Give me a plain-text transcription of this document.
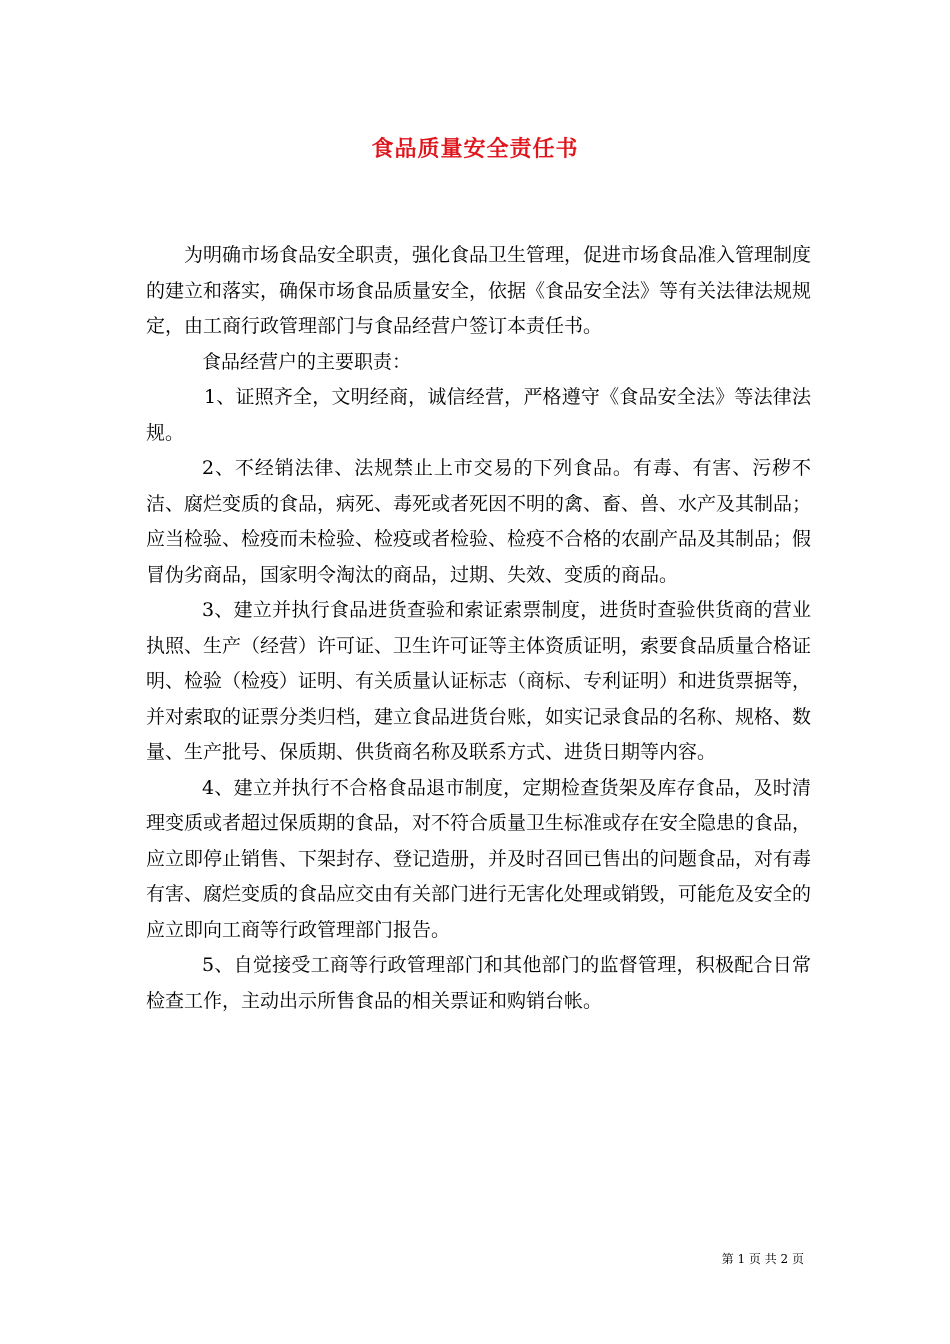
食品质量安全责任书

为明确市场食品安全职责，强化食品卫生管理，促进市场食品准入管理制度的建立和落实，确保市场食品质量安全，依据《食品安全法》等有关法律法规规定，由工商行政管理部门与食品经营户签订本责任书。

食品经营户的主要职责：

1、证照齐全，文明经商，诚信经营，严格遵守《食品安全法》等法律法规。

2、不经销法律、法规禁止上市交易的下列食品。有毒、有害、污秽不洁、腐烂变质的食品，病死、毒死或者死因不明的禽、畜、兽、水产及其制品；应当检验、检疫而未检验、检疫或者检验、检疫不合格的农副产品及其制品；假冒伪劣商品，国家明令淘汰的商品，过期、失效、变质的商品。

3、建立并执行食品进货查验和索证索票制度，进货时查验供货商的营业执照、生产（经营）许可证、卫生许可证等主体资质证明，索要食品质量合格证明、检验（检疫）证明、有关质量认证标志（商标、专利证明）和进货票据等，并对索取的证票分类归档，建立食品进货台账，如实记录食品的名称、规格、数量、生产批号、保质期、供货商名称及联系方式、进货日期等内容。

4、建立并执行不合格食品退市制度，定期检查货架及库存食品，及时清理变质或者超过保质期的食品，对不符合质量卫生标准或存在安全隐患的食品，应立即停止销售、下架封存、登记造册，并及时召回已售出的问题食品，对有毒有害、腐烂变质的食品应交由有关部门进行无害化处理或销毁，可能危及安全的应立即向工商等行政管理部门报告。

5、自觉接受工商等行政管理部门和其他部门的监督管理，积极配合日常检查工作，主动出示所售食品的相关票证和购销台帐。

第 1 页 共 2 页
